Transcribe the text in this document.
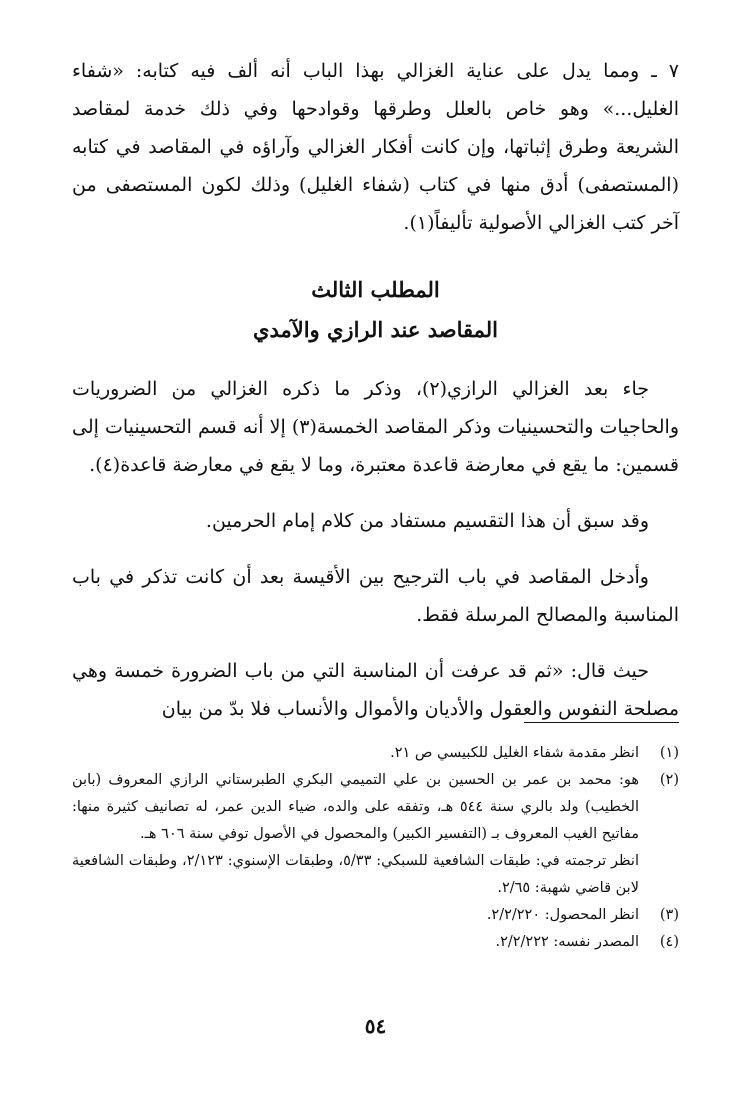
٧ ـ ومما يدل على عناية الغزالي بهذا الباب أنه ألف فيه كتابه: «شفاء الغليل...» وهو خاص بالعلل وطرقها وقوادحها وفي ذلك خدمة لمقاصد الشريعة وطرق إثباتها، وإن كانت أفكار الغزالي وآراؤه في المقاصد في كتابه (المستصفى) أدق منها في كتاب (شفاء الغليل) وذلك لكون المستصفى من آخر كتب الغزالي الأصولية تأليفاً(١).

المطلب الثالث
المقاصد عند الرازي والآمدي

جاء بعد الغزالي الرازي(٢)، وذكر ما ذكره الغزالي من الضروريات والحاجيات والتحسينيات وذكر المقاصد الخمسة(٣) إلا أنه قسم التحسينيات إلى قسمين: ما يقع في معارضة قاعدة معتبرة، وما لا يقع في معارضة قاعدة(٤).

وقد سبق أن هذا التقسيم مستفاد من كلام إمام الحرمين.

وأدخل المقاصد في باب الترجيح بين الأقيسة بعد أن كانت تذكر في باب المناسبة والمصالح المرسلة فقط.

حيث قال: «ثم قد عرفت أن المناسبة التي من باب الضرورة خمسة وهي مصلحة النفوس والعقول والأديان والأموال والأنساب فلا بدّ من بيان

(١)
انظر مقدمة شفاء الغليل للكبيسي ص ٢١.
(٢)
هو: محمد بن عمر بن الحسين بن علي التميمي البكري الطبرستاني الرازي المعروف (بابن الخطيب) ولد بالري سنة ٥٤٤ هـ، وتفقه على والده، ضياء الدين عمر، له تصانيف كثيرة منها: مفاتيح الغيب المعروف بـ (التفسير الكبير) والمحصول في الأصول توفي سنة ٦٠٦ هـ.
انظر ترجمته في: طبقات الشافعية للسبكي: ٥/٣٣، وطبقات الإسنوي: ٢/١٢٣، وطبقات الشافعية لابن قاضي شهبة: ٢/٦٥.
(٣)
انظر المحصول: ٢/٢/٢٢٠.
(٤)
المصدر نفسه: ٢/٢/٢٢٢.
٥٤
